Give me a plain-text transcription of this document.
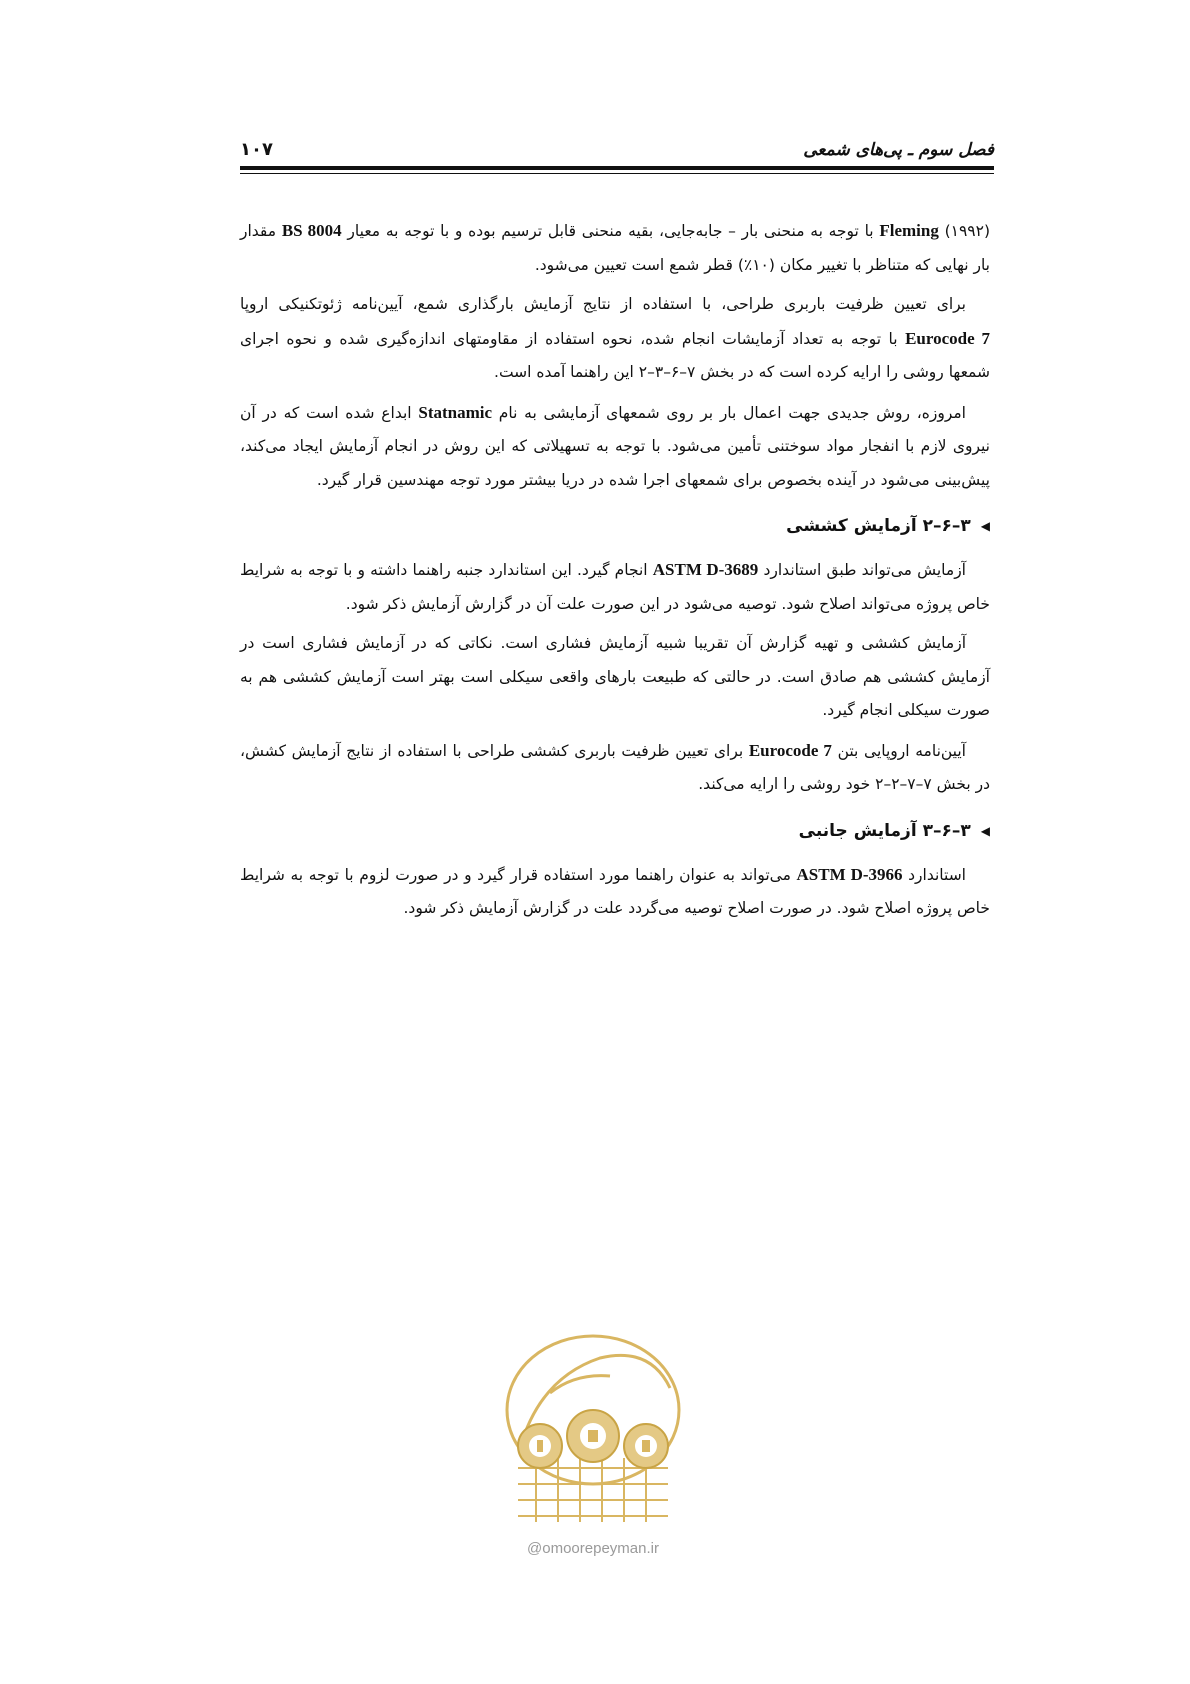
فصل سوم ـ پی‌های شمعی
۱۰۷

Fleming (۱۹۹۲) با توجه به منحنی بار – جابه‌جایی، بقیه منحنی قابل ترسیم بوده و با توجه به معیار BS 8004 مقدار بار نهایی که متناظر با تغییر مکان (۱۰٪) قطر شمع است تعیین می‌شود.

برای تعیین ظرفیت باربری طراحی، با استفاده از نتایج آزمایش بارگذاری شمع، آیین‌نامه ژئوتکنیکی اروپا Eurocode 7 با توجه به تعداد آزمایشات انجام شده، نحوه استفاده از مقاومتهای اندازه‌گیری شده و نحوه اجرای شمعها روشی را ارایه کرده است که در بخش ۷–۶–۳–۲ این راهنما آمده است.

امروزه، روش جدیدی جهت اعمال بار بر روی شمعهای آزمایشی به نام Statnamic ابداع شده است که در آن نیروی لازم با انفجار مواد سوختنی تأمین می‌شود. با توجه به تسهیلاتی که این روش در انجام آزمایش ایجاد می‌کند، پیش‌بینی می‌شود در آینده بخصوص برای شمعهای اجرا شده در دریا بیشتر مورد توجه مهندسین قرار گیرد.

◀
۳–۶–۲ آزمایش کششی

آزمایش می‌تواند طبق استاندارد ASTM D-3689 انجام گیرد. این استاندارد جنبه راهنما داشته و با توجه به شرایط خاص پروژه می‌تواند اصلاح شود. توصیه می‌شود در این صورت علت آن در گزارش آزمایش ذکر شود.

آزمایش کششی و تهیه گزارش آن تقریبا شبیه آزمایش فشاری است. نکاتی که در آزمایش فشاری است در آزمایش کششی هم صادق است. در حالتی که طبیعت بارهای واقعی سیکلی است بهتر است آزمایش کششی هم به صورت سیکلی انجام گیرد.

آیین‌نامه اروپایی بتن Eurocode 7 برای تعیین ظرفیت باربری کششی طراحی با استفاده از نتایج آزمایش کشش، در بخش ۷–۷–۲–۲ خود روشی را ارایه می‌کند.

◀
۳–۶–۳ آزمایش جانبی

استاندارد ASTM D-3966 می‌تواند به عنوان راهنما مورد استفاده قرار گیرد و در صورت لزوم با توجه به شرایط خاص پروژه اصلاح شود. در صورت اصلاح توصیه می‌گردد علت در گزارش آزمایش ذکر شود.

@omoorepeyman.ir
